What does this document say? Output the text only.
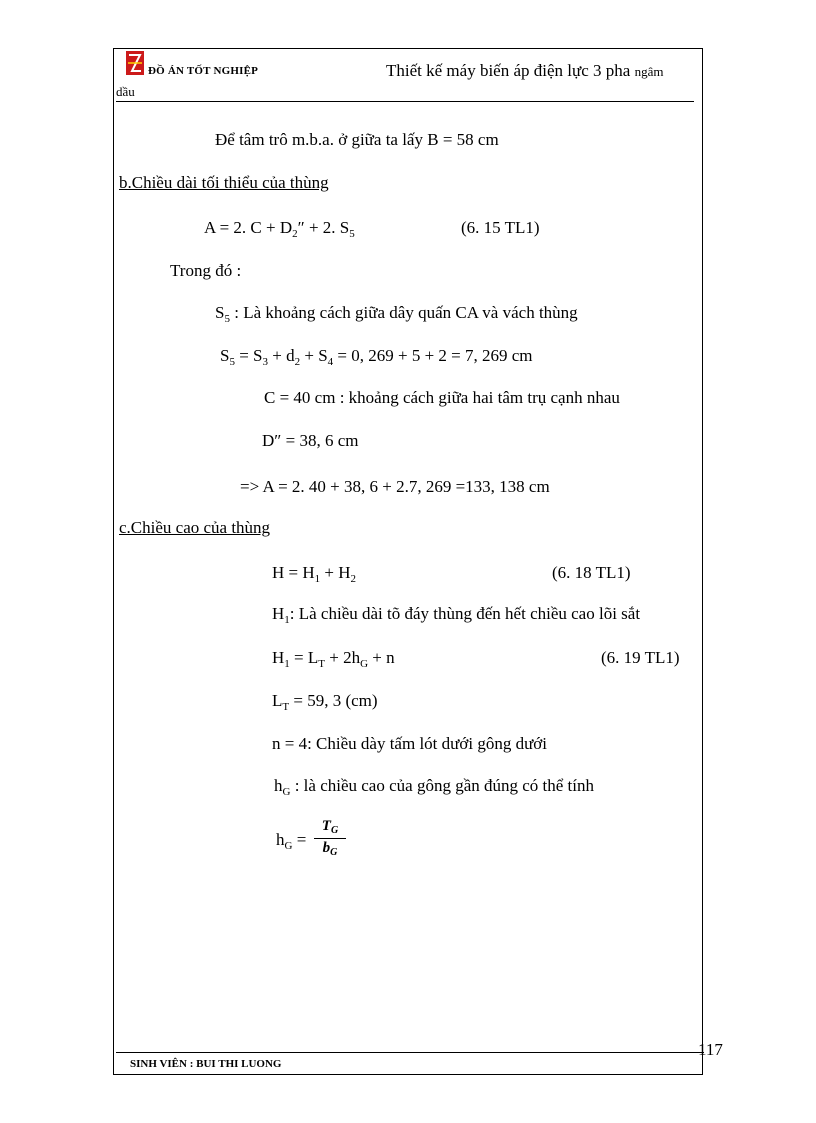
ĐỒ ÁN TỐT NGHIỆP	Thiết kế máy biến áp điện lực 3 pha ngâm
dầu
Để tâm trô m.b.a. ở giữa ta lấy B = 58 cm
b.Chiều dài tối thiểu của thùng
A = 2. $C + D_2'' + 2$. $S_5$	(6. 15 TL1)
Trong đó :
$S_5$ : Là khoảng cách giữa dây quấn CA và vách thùng
$S_5 = S_3 + d_2 + S_4 = 0$, 269 + 5 + 2 = 7, 269 cm
C = 40 cm : khoảng cách giữa hai tâm trụ cạnh nhau
D″ = 38, 6 cm
=> A = 2. 40 + 38, 6 + 2.7, 269 =133, 138 cm
c.Chiều cao của thùng
$H = H_1 + H_2$	(6. 18 TL1)
$H_1$: Là chiều dài tõ đáy thùng đến hết chiều cao lõi sắt
$H_1 = L_T + 2h_G + n$	(6. 19 TL1)
$L_T = 59$, 3 (cm)
n = 4: Chiều dày tấm lót dưới gông dưới
$h_G$ : là chiều cao của gông gần đúng có thể tính
$h_G = \frac{T_G}{b_G}$
117
SINH VIÊN : BUI THI LUONG
